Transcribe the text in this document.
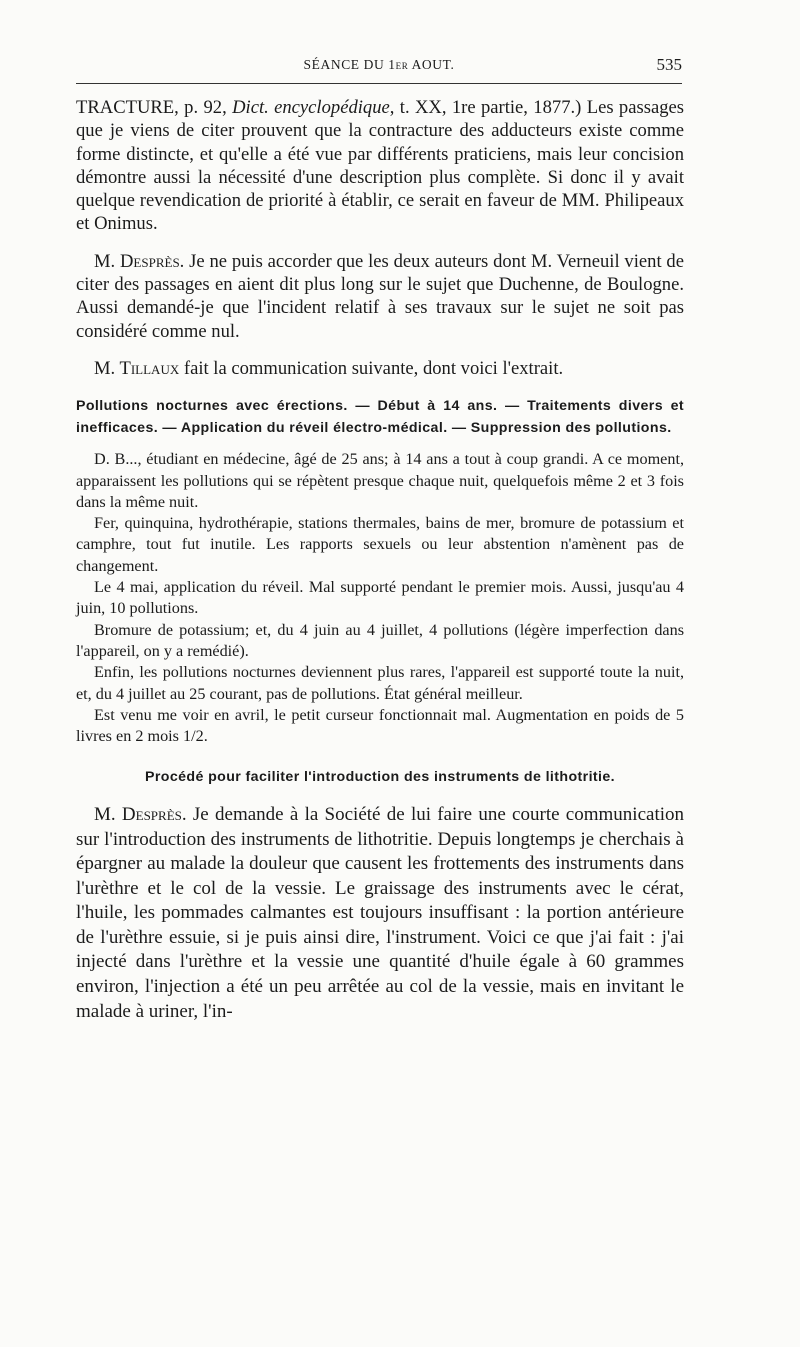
SÉANCE DU 1er AOUT.	535

TRACTURE, p. 92, Dict. encyclopédique, t. XX, 1re partie, 1877.) Les passages que je viens de citer prouvent que la contracture des adducteurs existe comme forme distincte, et qu'elle a été vue par différents praticiens, mais leur concision démontre aussi la nécessité d'une description plus complète. Si donc il y avait quelque revendication de priorité à établir, ce serait en faveur de MM. Philipeaux et Onimus.

M. Desprès. Je ne puis accorder que les deux auteurs dont M. Verneuil vient de citer des passages en aient dit plus long sur le sujet que Duchenne, de Boulogne. Aussi demandé-je que l'incident relatif à ses travaux sur le sujet ne soit pas considéré comme nul.

M. Tillaux fait la communication suivante, dont voici l'extrait.

Pollutions nocturnes avec érections. — Début à 14 ans. — Traitements divers et inefficaces. — Application du réveil électro-médical. — Suppression des pollutions.

D. B..., étudiant en médecine, âgé de 25 ans; à 14 ans a tout à coup grandi. A ce moment, apparaissent les pollutions qui se répètent presque chaque nuit, quelquefois même 2 et 3 fois dans la même nuit.

Fer, quinquina, hydrothérapie, stations thermales, bains de mer, bromure de potassium et camphre, tout fut inutile. Les rapports sexuels ou leur abstention n'amènent pas de changement.

Le 4 mai, application du réveil. Mal supporté pendant le premier mois. Aussi, jusqu'au 4 juin, 10 pollutions.

Bromure de potassium; et, du 4 juin au 4 juillet, 4 pollutions (légère imperfection dans l'appareil, on y a remédié).

Enfin, les pollutions nocturnes deviennent plus rares, l'appareil est supporté toute la nuit, et, du 4 juillet au 25 courant, pas de pollutions. État général meilleur.

Est venu me voir en avril, le petit curseur fonctionnait mal. Augmentation en poids de 5 livres en 2 mois 1/2.

Procédé pour faciliter l'introduction des instruments de lithotritie.

M. Desprès. Je demande à la Société de lui faire une courte communication sur l'introduction des instruments de lithotritie. Depuis longtemps je cherchais à épargner au malade la douleur que causent les frottements des instruments dans l'urèthre et le col de la vessie. Le graissage des instruments avec le cérat, l'huile, les pommades calmantes est toujours insuffisant : la portion antérieure de l'urèthre essuie, si je puis ainsi dire, l'instrument. Voici ce que j'ai fait : j'ai injecté dans l'urèthre et la vessie une quantité d'huile égale à 60 grammes environ, l'injection a été un peu arrêtée au col de la vessie, mais en invitant le malade à uriner, l'in-
